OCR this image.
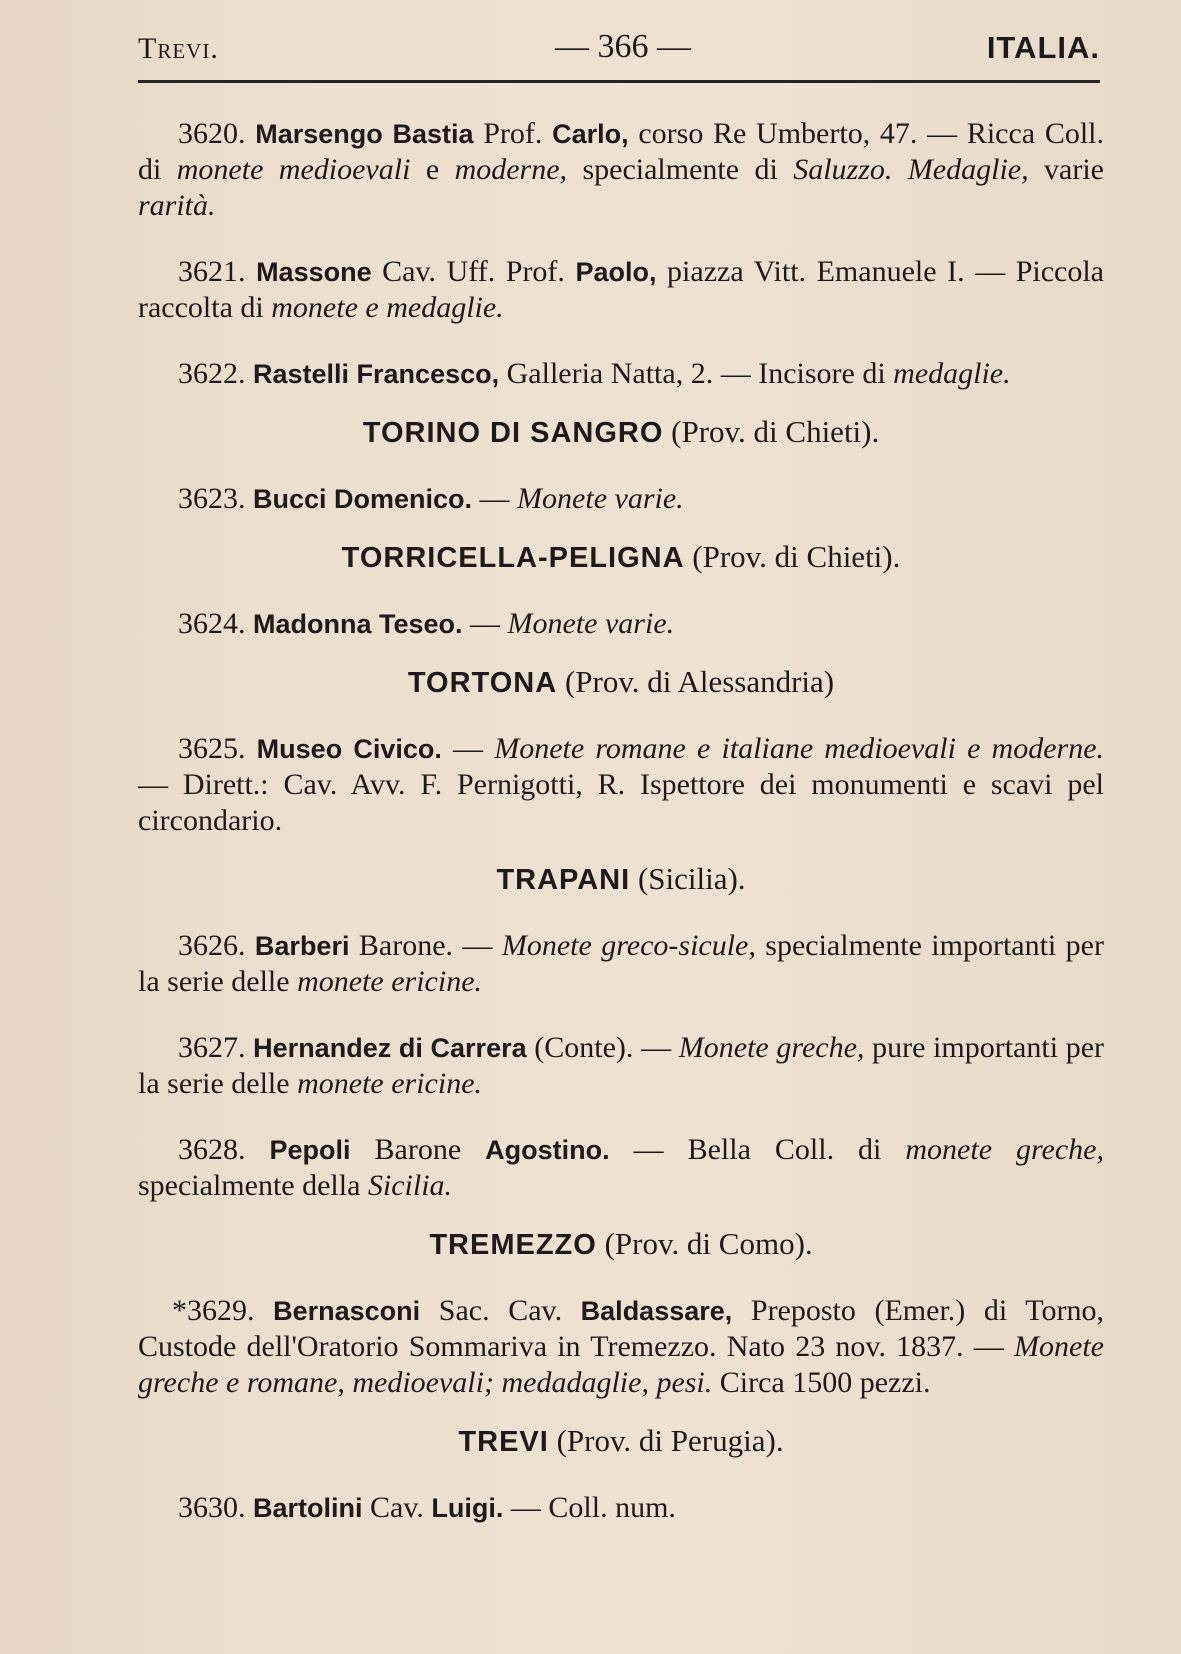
Trevi.	— 366 —	ITALIA.

3620. Marsengo Bastia Prof. Carlo, corso Re Umberto, 47. — Ricca Coll. di monete medioevali e moderne, specialmente di Saluzzo. Medaglie, varie rarità.

3621. Massone Cav. Uff. Prof. Paolo, piazza Vitt. Emanuele I. — Piccola raccolta di monete e medaglie.

3622. Rastelli Francesco, Galleria Natta, 2. — Incisore di medaglie.

TORINO DI SANGRO (Prov. di Chieti).

3623. Bucci Domenico. — Monete varie.

TORRICELLA-PELIGNA (Prov. di Chieti).

3624. Madonna Teseo. — Monete varie.

TORTONA (Prov. di Alessandria)

3625. Museo Civico. — Monete romane e italiane medioevali e moderne. — Dirett.: Cav. Avv. F. Pernigotti, R. Ispettore dei monumenti e scavi pel circondario.

TRAPANI (Sicilia).

3626. Barberi Barone. — Monete greco-sicule, specialmente importanti per la serie delle monete ericine.

3627. Hernandez di Carrera (Conte). — Monete greche, pure importanti per la serie delle monete ericine.

3628. Pepoli Barone Agostino. — Bella Coll. di monete greche, specialmente della Sicilia.

TREMEZZO (Prov. di Como).

*3629. Bernasconi Sac. Cav. Baldassare, Preposto (Emer.) di Torno, Custode dell'Oratorio Sommariva in Tremezzo. Nato 23 nov. 1837. — Monete greche e romane, medioevali; medadaglie, pesi. Circa 1500 pezzi.

TREVI (Prov. di Perugia).

3630. Bartolini Cav. Luigi. — Coll. num.
